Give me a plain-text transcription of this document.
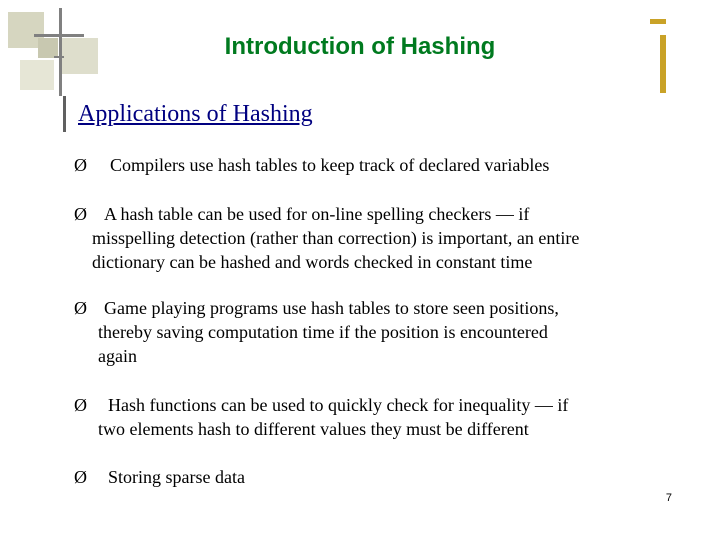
Introduction of Hashing
Applications of Hashing
Ø	Compilers use hash tables to keep track of declared variables
Ø A hash table can be used for on-line spelling checkers — if
misspelling detection (rather than correction) is important, an entire
dictionary can be hashed and words checked in constant time
Ø Game playing programs use hash tables to store seen positions,
thereby saving computation time if the position is encountered
again
Ø	Hash functions can be used to quickly check for inequality — if
two elements hash to different values they must be different
Ø	Storing sparse data
7
